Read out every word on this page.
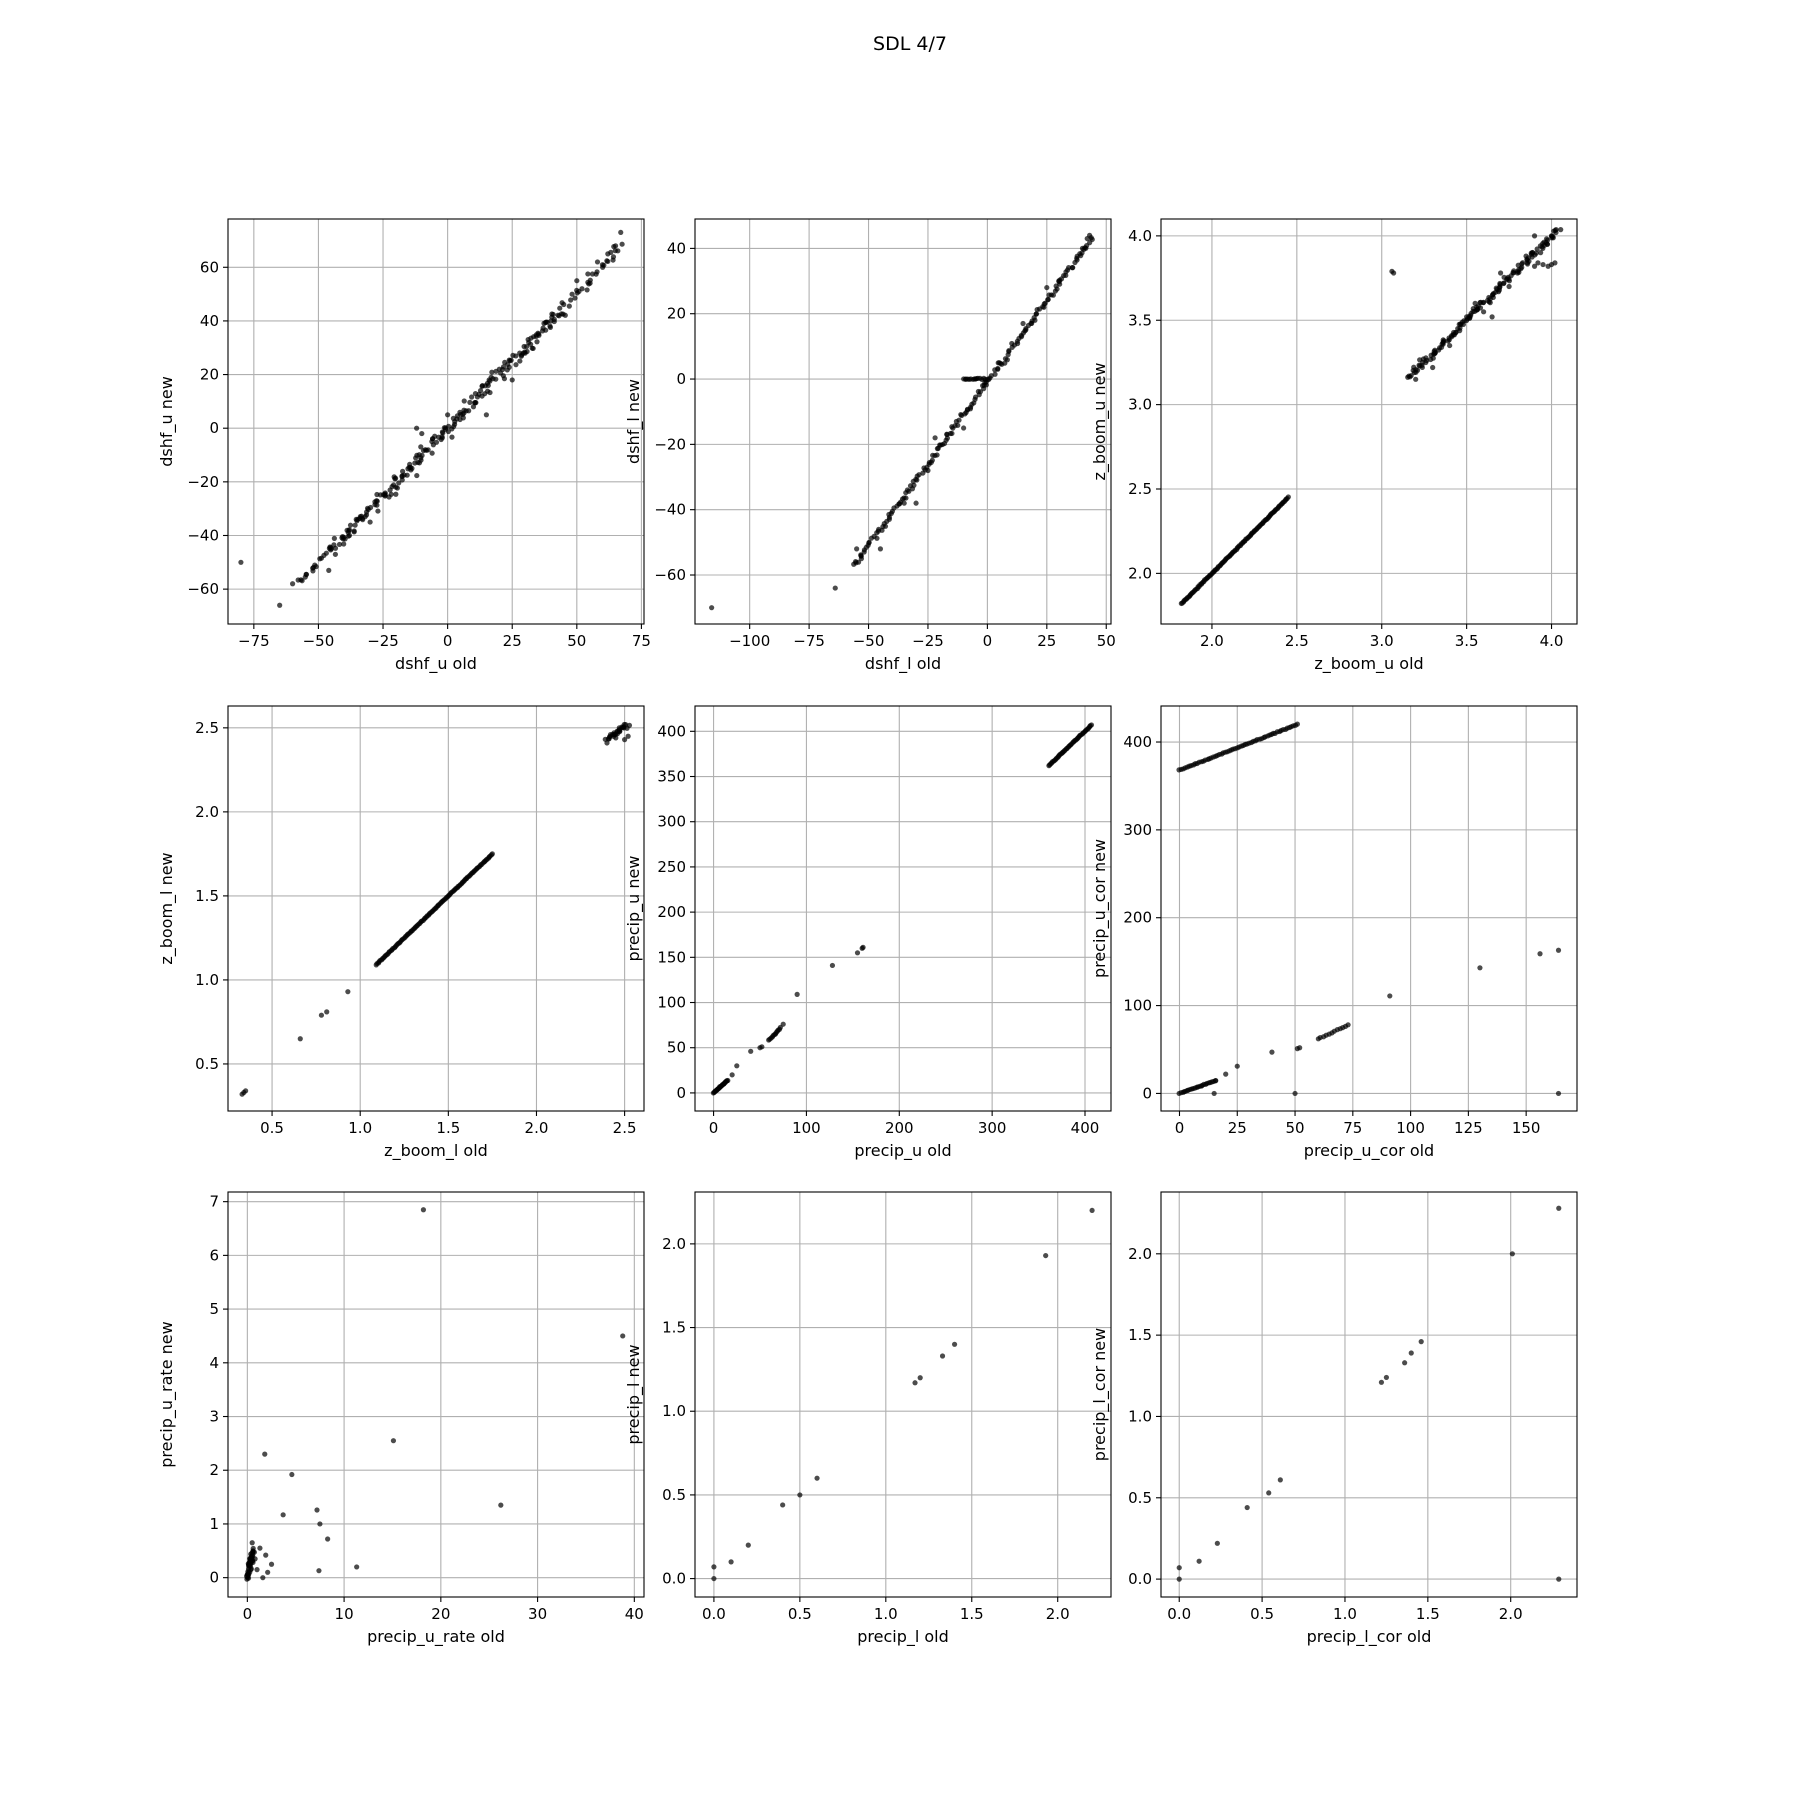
SDL 4/7
−75 −50 −25	0	25	50	75
−60
−40
−20
0
20
40
60
dshf_u old
dshf_u new
−100 −75 −50 −25	0	25	50
−60
−40
−20
0
20
40
dshf_l old
dshf_l new
2.0	2.5	3.0	3.5	4.0
2.0
2.5
3.0
3.5
4.0
z_boom_u old
z_boom_u new
0.5	1.0	1.5	2.0	2.5
0.5
1.0
1.5
2.0
2.5
z_boom_l old
z_boom_l new
0	100	200	300	400
0
50
100
150
200
250
300
350
400
precip_u old
precip_u new
0	25	50	75 100 125 150
0
100
200
300
400
precip_u_cor old
precip_u_cor new
0	10	20	30	40
0
1
2
3
4
5
6
7
precip_u_rate old
precip_u_rate new
0.0	0.5	1.0	1.5	2.0
0.0
0.5
1.0
1.5
2.0
precip_l old
precip_l new
0.0	0.5	1.0	1.5	2.0
0.0
0.5
1.0
1.5
2.0
precip_l_cor old
precip_l_cor new
